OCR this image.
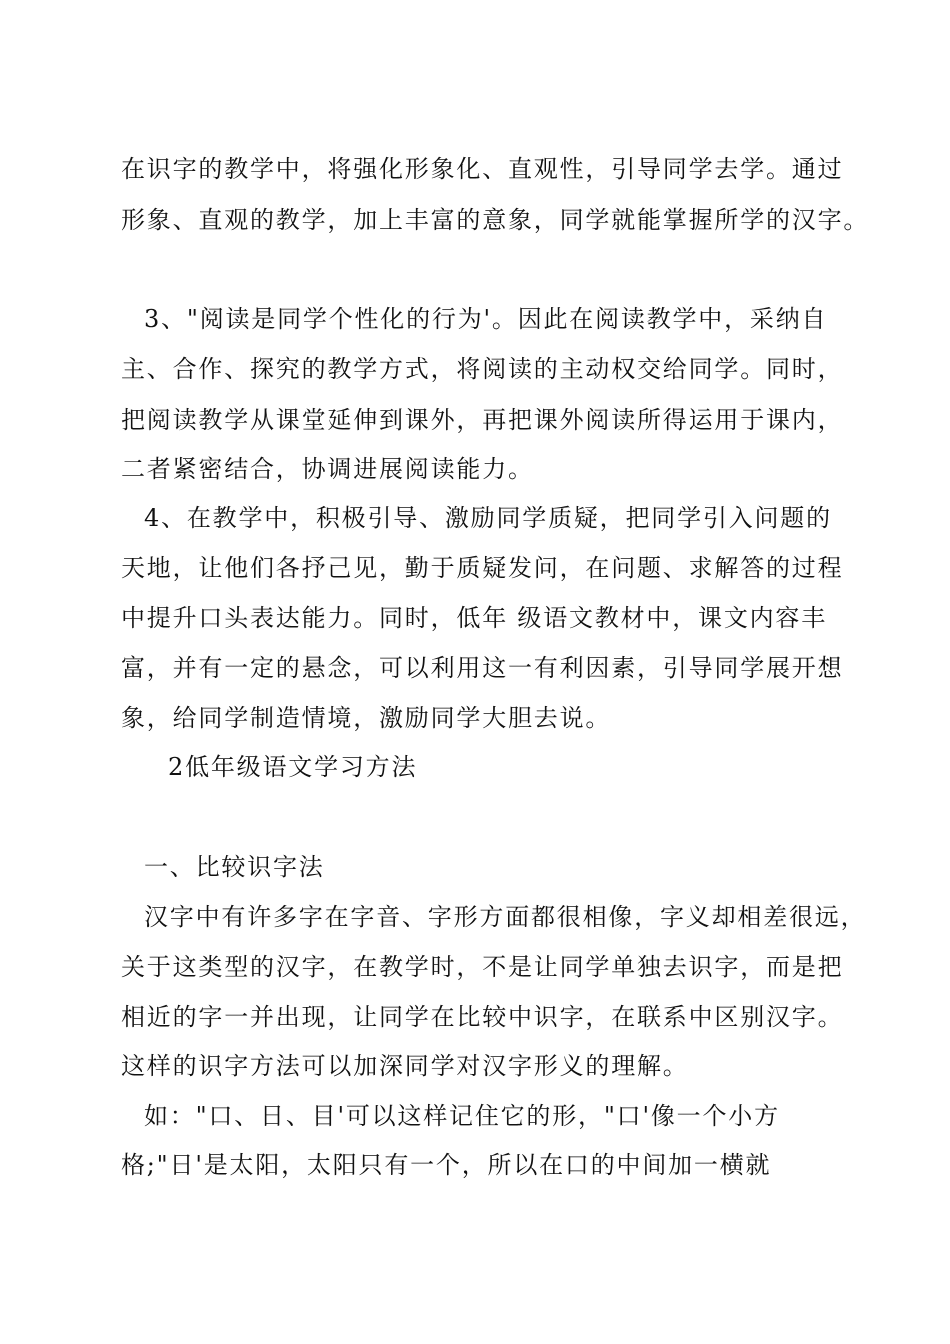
在识字的教学中，将强化形象化、直观性，引导同学去学。通过
形象、直观的教学，加上丰富的意象，同学就能掌握所学的汉字。
3、"阅读是同学个性化的行为'。因此在阅读教学中，采纳自
主、合作、探究的教学方式，将阅读的主动权交给同学。同时，
把阅读教学从课堂延伸到课外，再把课外阅读所得运用于课内，
二者紧密结合，协调进展阅读能力。
4、在教学中，积极引导、激励同学质疑，把同学引入问题的
天地，让他们各抒己见，勤于质疑发问，在问题、求解答的过程
中提升口头表达能力。同时，低年 级语文教材中，课文内容丰
富，并有一定的悬念，可以利用这一有利因素，引导同学展开想
象，给同学制造情境，激励同学大胆去说。
2低年级语文学习方法
一、比较识字法
汉字中有许多字在字音、字形方面都很相像，字义却相差很远，
关于这类型的汉字，在教学时，不是让同学单独去识字，而是把
相近的字一并出现，让同学在比较中识字，在联系中区别汉字。
这样的识字方法可以加深同学对汉字形义的理解。
如："口、日、目'可以这样记住它的形，"口'像一个小方
格;"日'是太阳，太阳只有一个，所以在口的中间加一横就
